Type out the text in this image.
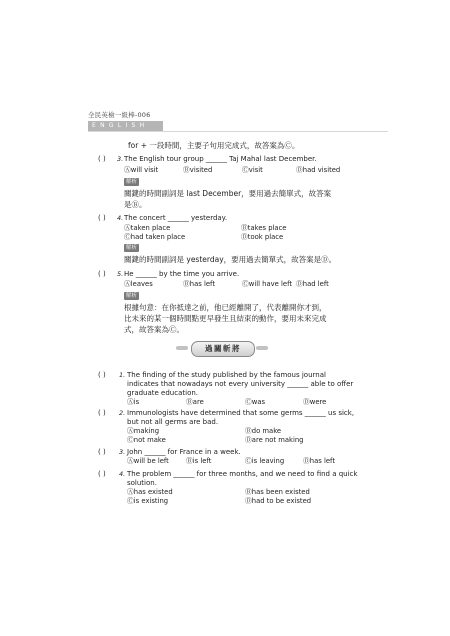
全民英檢一級棒-006
ENGLISH
for + 一段時間，主要子句用完成式，故答案為Ⓒ。
( ) 3. The English tour group ______ Taj Mahal last December.
Ⓐwill visit	Ⓑvisited	Ⓒvisit	Ⓓhad visited
解析
關鍵的時間副詞是 last December，要用過去簡單式，故答案
是Ⓑ。
( ) 4. The concert ______ yesterday.
Ⓐtaken place	Ⓑtakes place
Ⓒhad taken place	Ⓓtook place
解析
關鍵的時間副詞是 yesterday，要用過去簡單式，故答案是Ⓓ。
( ) 5. He ______ by the time you arrive.
Ⓐleaves	Ⓑhas left	Ⓒwill have left Ⓓhad left
解析
根據句意：在你抵達之前，他已經離開了，代表離開你才到，
比未來的某一個時間點更早發生且結束的動作，要用未來完成
式，故答案為Ⓒ。
過關斬將
( ) 1. The finding of the study published by the famous journal
indicates that nowadays not every university ______ able to offer
graduate education.
Ⓐis	Ⓑare	Ⓒwas	Ⓓwere
( ) 2. Immunologists have determined that some germs ______ us sick,
but not all germs are bad.
Ⓐmaking	Ⓑdo make
Ⓒnot make	Ⓓare not making
( ) 3. John ______ for France in a week.
Ⓐwill be left	Ⓑis left	Ⓒis leaving	Ⓓhas left
( ) 4. The problem ______ for three months, and we need to find a quick
solution.
Ⓐhas existed	Ⓑhas been existed
Ⓒis existing	Ⓓhad to be existed
